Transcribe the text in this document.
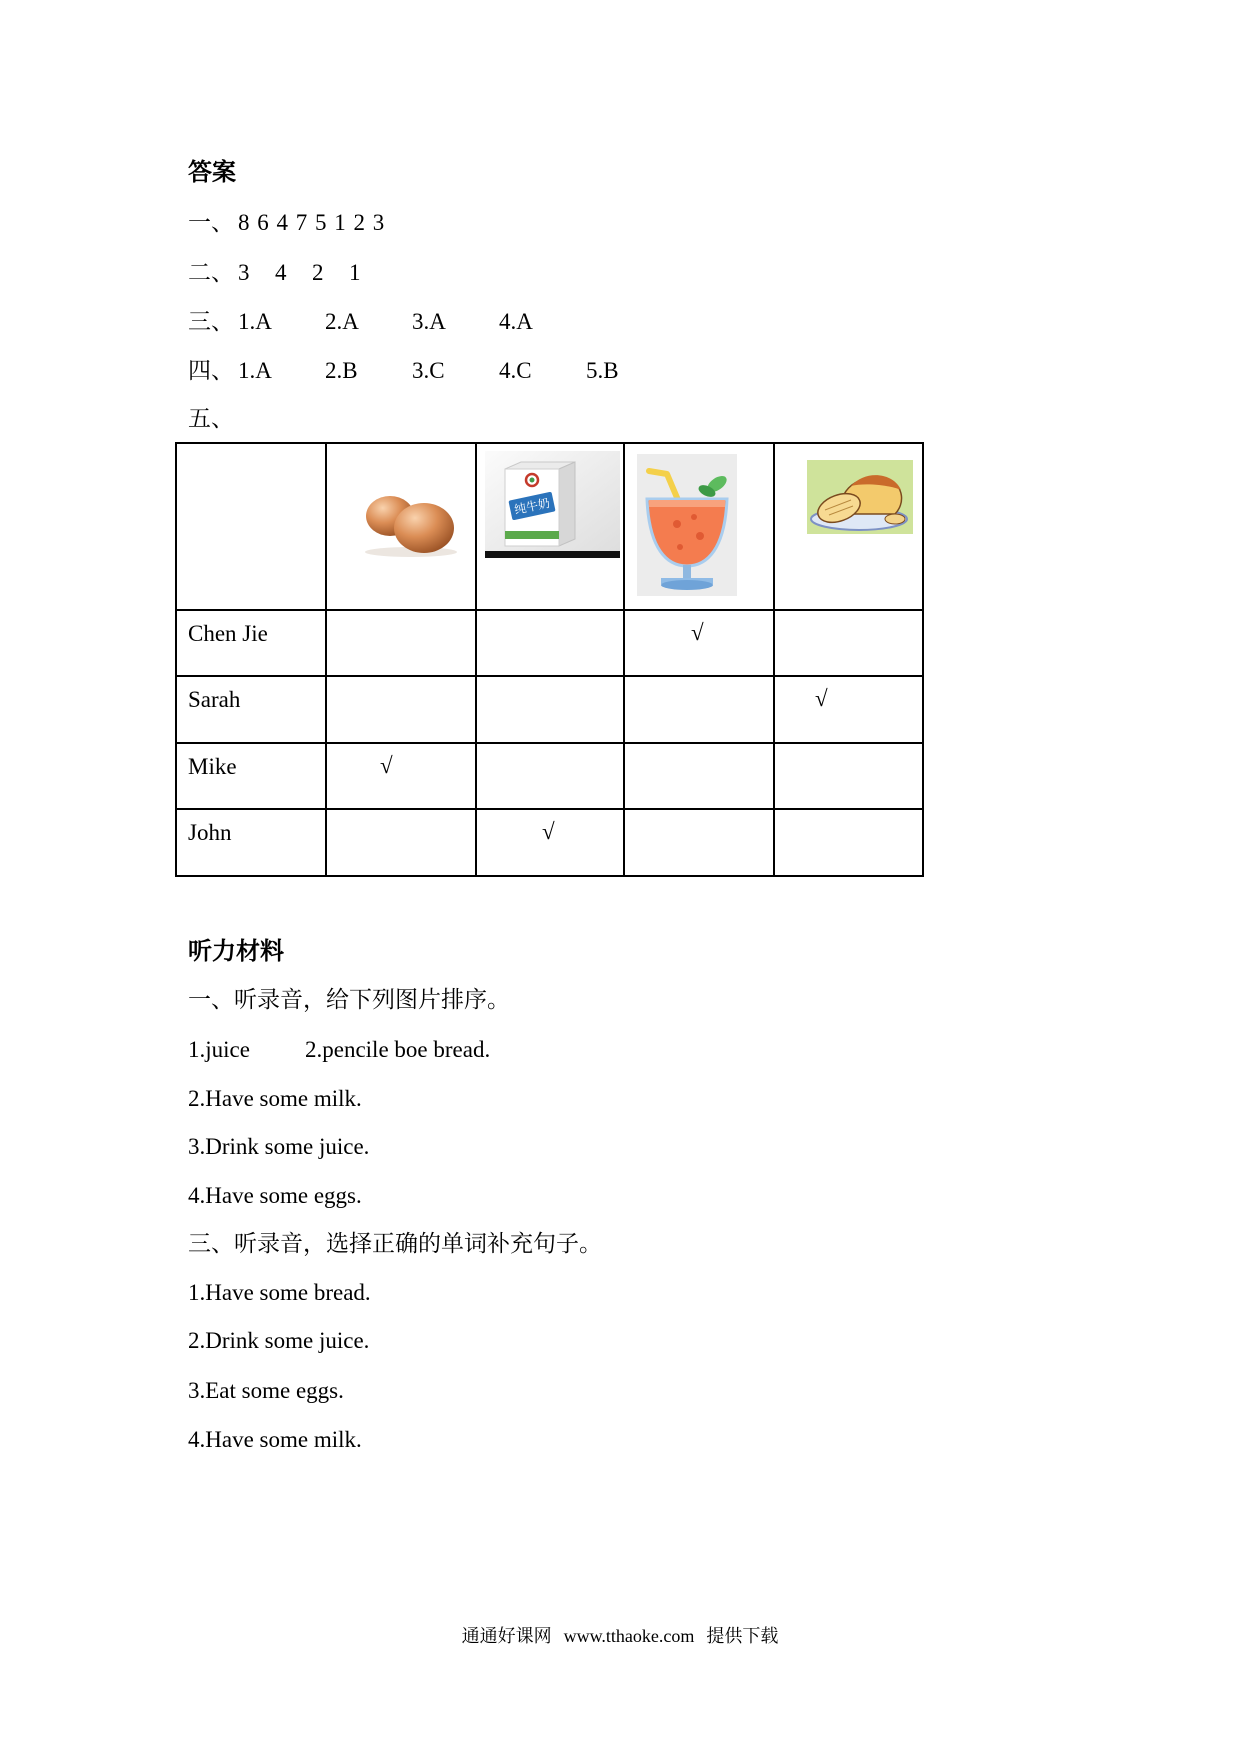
答案
一、 8 6 4 7 5 1 2 3
二、 3 4 2 1
三、 1.A 2.A 3.A 4.A
四、 1.A 2.B 3.C 4.C 5.B
五、

纯牛奶

Chen Jie			√	

Sarah				√

Mike	√			

John		√		

听力材料
一、听录音，给下列图片排序。
1.juice 2.pencile boe bread.
2.Have some milk.
3.Drink some juice.
4.Have some eggs.
三、听录音，选择正确的单词补充句子。
1.Have some bread.
2.Drink some juice.
3.Eat some eggs.
4.Have some milk.
通通好课网 www.tthaoke.com 提供下载
